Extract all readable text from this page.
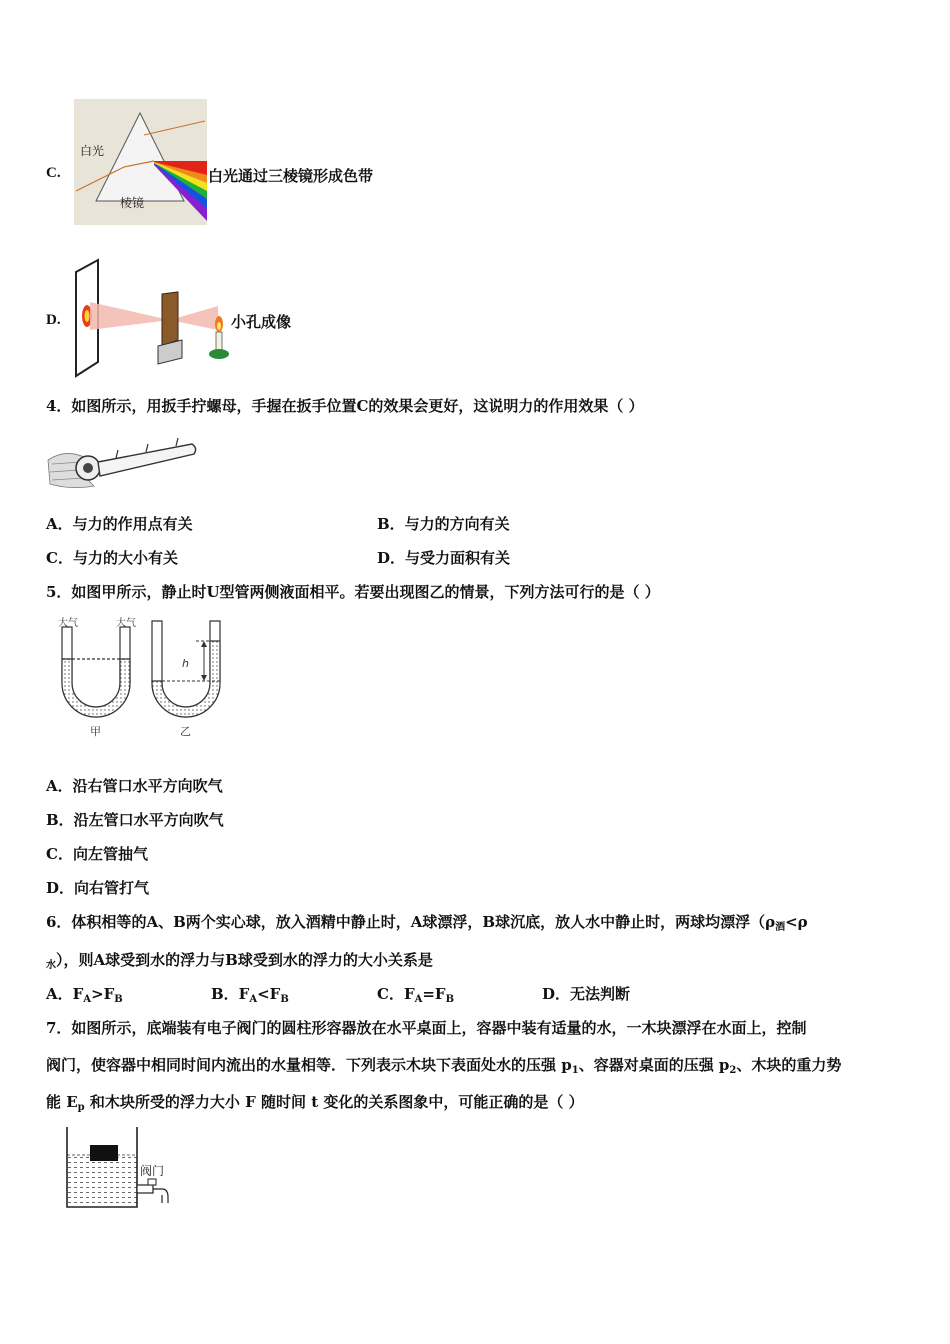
C.
白光
棱镜
白光通过三棱镜形成色带
D.	小孔成像
4．如图所示，用扳手拧螺母，手握在扳手位置C的效果会更好，这说明力的作用效果（ ）
A．与力的作用点有关	B．与力的方向有关
C．与力的大小有关	D．与受力面积有关
5．如图甲所示，静止时U型管两侧液面相平。若要出现图乙的情景，下列方法可行的是（ ）
大气	大气
甲
h
乙
A．沿右管口水平方向吹气
B．沿左管口水平方向吹气
C．向左管抽气
D．向右管打气
6．体积相等的A、B两个实心球，放入酒精中静止时，A球漂浮，B球沉底，放人水中静止时，两球均漂浮（$\rho_酒<\rho$
$_水$），则A球受到水的浮力与B球受到水的浮力的大小关系是
A．$F_A>F_B$	B．$F_A<F_B$	C．$F_A=F_B$	D．无法判断
7．如图所示，底端装有电子阀门的圆柱形容器放在水平桌面上，容器中装有适量的水，一木块漂浮在水面上，控制
阀门，使容器中相同时间内流出的水量相等．下列表示木块下表面处水的压强 $p_1$、容器对桌面的压强 $p_2$、木块的重力势
能 $E_p$ 和木块所受的浮力大小 F 随时间 t 变化的关系图象中，可能正确的是（ ）
阀门
